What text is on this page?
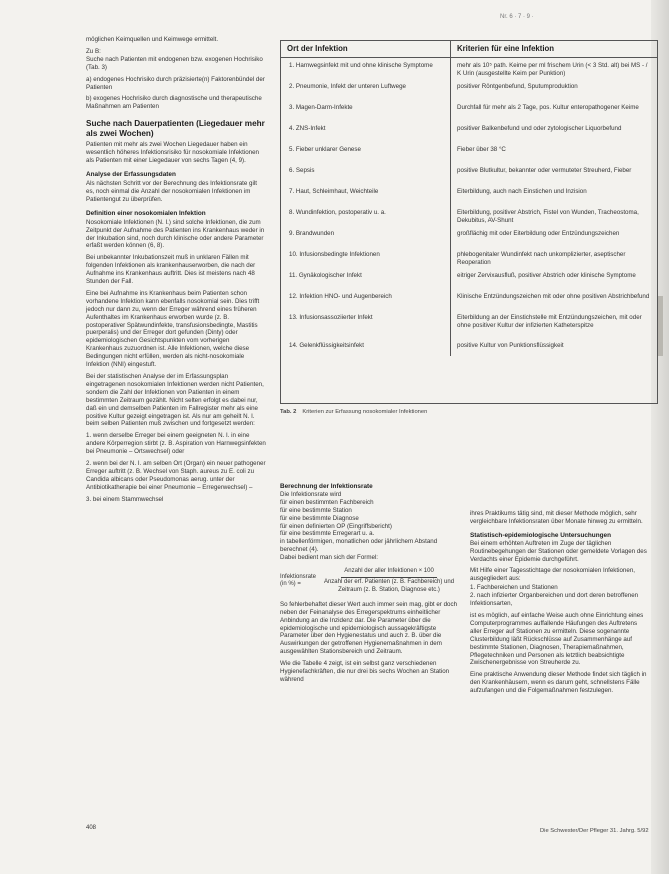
Nr. 6 · 7 · 9 ·

möglichen Keimquellen und Keimwege ermittelt.

Zu B:

Suche nach Patienten mit endogenen bzw. exogenen Hochrisiko (Tab. 3)

a) endogenes Hochrisiko durch präzisierte(n) Faktorenbündel der Patienten
b) exogenes Hochrisiko durch diagnostische und therapeutische Maßnahmen am Patienten
Suche nach Dauerpatienten (Liegedauer mehr als zwei Wochen)

Patienten mit mehr als zwei Wochen Liegedauer haben ein wesentlich höheres Infektionsrisiko für nosokomiale Infektionen als Patienten mit einer Liegedauer von sechs Tagen (4, 9).

Analyse der Erfassungsdaten

Als nächsten Schritt vor der Berechnung des Infektionsrate gilt es, noch einmal die Anzahl der nosokomialen Infektionen im Patientengut zu überprüfen.

Definition einer nosokomialen Infektion

Nosokomiale Infektionen (N. I.) sind solche Infektionen, die zum Zeitpunkt der Aufnahme des Patienten ins Krankenhaus weder in der Inkubation sind, noch durch klinische oder andere Parameter erfaßt werden können (6, 8).

Bei unbekannter Inkubationszeit muß in unklaren Fällen mit folgenden Infektionen als krankenhauserworben, die nach der Aufnahme ins Krankenhaus auftritt. Dies ist meistens nach 48 Stunden der Fall.

Eine bei Aufnahme ins Krankenhaus beim Patienten schon vorhandene Infektion kann ebenfalls nosokomial sein. Dies trifft jedoch nur dann zu, wenn der Erreger während eines früheren Aufenthaltes im Krankenhaus erworben wurde (z. B. postoperativer Spätwundinfekte, transfusionsbedingte, Mastitis puerperalis) und der Erreger dort gefunden (Dinty) oder epidemiologischen Gesichtspunkten vom vorherigen Krankenhaus zuzuordnen ist. Alle Infektionen, welche diese Bedingungen nicht erfüllen, werden als nicht-nosokomiale Infektion (NNI) eingestuft.

Bei der statistischen Analyse der im Erfassungsplan eingetragenen nosokomialen Infektionen werden nicht Patienten, sondern die Zahl der Infektionen von Patienten in einem bestimmten Zeitraum gezählt. Nicht selten erfolgt es dabei nur, daß ein und demselben Patienten im Fallregister mehr als eine positive Kultur gezeigt eingetragen ist. Als nur am geheilt N. I. beim selben Patienten muß zwischen und fortgesetzt werden:

1. wenn derselbe Erreger bei einem geeigneten N. I. in eine andere Körperregion stirbt (z. B. Aspiration von Harnwegsinfekten bei Pneumonie – Ortswechsel) oder
2. wenn bei der N. I. am selben Ort (Organ) ein neuer pathogener Erreger auftritt (z. B. Wechsel von Staph. aureus zu E. coli zu Candida albicans oder Pseudomonas aerug. unter der Antibiotikatherapie bei einer Pneumonie – Erregerwechsel) –
3. bei einem Stammwechsel
Ort der Infektion	Kriterien für eine Infektion
1. Harnwegsinfekt mit und ohne klinische Symptome	mehr als 10⁵ path. Keime per ml frischem Urin (< 3 Std. alt) bei MS - / K Urin (ausgestellte Keim per Punktion)
2. Pneumonie, Infekt der unteren Luftwege	positiver Röntgenbefund, Sputumproduktion
3. Magen-Darm-Infekte	Durchfall für mehr als 2 Tage, pos. Kultur enteropathogener Keime
4. ZNS-Infekt	positiver Balkenbefund und oder zytologischer Liquorbefund
5. Fieber unklarer Genese	Fieber über 38 °C
6. Sepsis	positive Blutkultur, bekannter oder vermuteter Streuherd, Fieber
7. Haut, Schleimhaut, Weichteile	Eiterbildung, auch nach Einstichen und Inzision
8. Wundinfektion, postoperativ u. a.	Eiterbildung, positiver Abstrich, Fistel von Wunden, Tracheostoma, Dekubitus, AV-Shunt
9. Brandwunden	großflächig mit oder Eiterbildung oder Entzündungszeichen
10. Infusionsbedingte Infektionen	phlebogenitaler Wundinfekt nach unkomplizierter, aseptischer Reoperation
11. Gynäkologischer Infekt	eitriger Zervixausfluß, positiver Abstrich oder klinische Symptome
12. Infektion HNO- und Augenbereich	Klinische Entzündungszeichen mit oder ohne positiven Abstrichbefund
13. Infusionsassoziierter Infekt	Eiterbildung an der Einstichstelle mit Entzündungszeichen, mit oder ohne positiver Kultur der infizierten Katheterspitze
14. Gelenkflüssigkeitsinfekt	positive Kultur von Punktionsflüssigkeit
Tab. 2 Kriterien zur Erfassung nosokomialer Infektionen
Berechnung der Infektionsrate
Die Infektionsrate wird
für einen bestimmten Fachbereich
für eine bestimmte Station
für eine bestimmte Diagnose
für einen definierten OP (Eingriffsbericht)
für eine bestimmte Erregerart u. a.
in tabellenförmigen, monatlichen oder jährlichem Abstand berechnet (4).
Dabei bedient man sich der Formel:
Infektionsrate (in %) =
Anzahl der aller Infektionen × 100
Anzahl der erf. Patienten (z. B. Fachbereich) und Zeitraum (z. B. Station, Diagnose etc.)

So fehlerbehaftet dieser Wert auch immer sein mag, gibt er doch neben der Feinanalyse des Erregerspektrums einheitlicher Anbindung an die Inzidenz dar. Die Parameter über die epidemiologische und epidemiologisch aussagekräftigste Parameter über den Hygienestatus und auch z. B. über die Auswirkungen der getroffenen Hygienemaßnahmen in dem ausgewählten Stationsbereich und Zeitraum.

Wie die Tabelle 4 zeigt, ist ein selbst ganz verschiedenen Hygienefachkräften, die nur drei bis sechs Wochen an Station während

ihres Praktikums tätig sind, mit dieser Methode möglich, sehr vergleichbare Infektionsraten über Monate hinweg zu ermitteln.

Statistisch-epidemiologische Untersuchungen

Bei einem erhöhten Auftreten im Zuge der täglichen Routinebegehungen der Stationen oder gemeldete Vorlagen des Verdachts einer Epidemie durchgeführt.

Mit Hilfe einer Tagesstichtage der nosokomialen Infektionen, ausgegliedert aus:

1. Fachbereichen und Stationen
2. nach infizierter Organbereichen und dort deren betroffenen Infektionsarten,

ist es möglich, auf einfache Weise auch ohne Einrichtung eines Computerprogrammes auffallende Häufungen des Auftretens aller Erreger auf Stationen zu ermitteln. Diese sogenannte Clusterbildung läßt Rückschlüsse auf Zusammenhänge auf bestimmte Stationen, Diagnosen, Therapiemaßnahmen, Pflegetechniken und Personen als letztlich beabsichtigte Zwischenergebnisse von Streuherde zu.

Eine praktische Anwendung dieser Methode findet sich täglich in den Krankenhäusern, wenn es darum geht, schnellstens Fälle aufzufangen und die Folgemaßnahmen festzulegen.

408	Die Schwester/Der Pfleger 31. Jahrg. 5/92
